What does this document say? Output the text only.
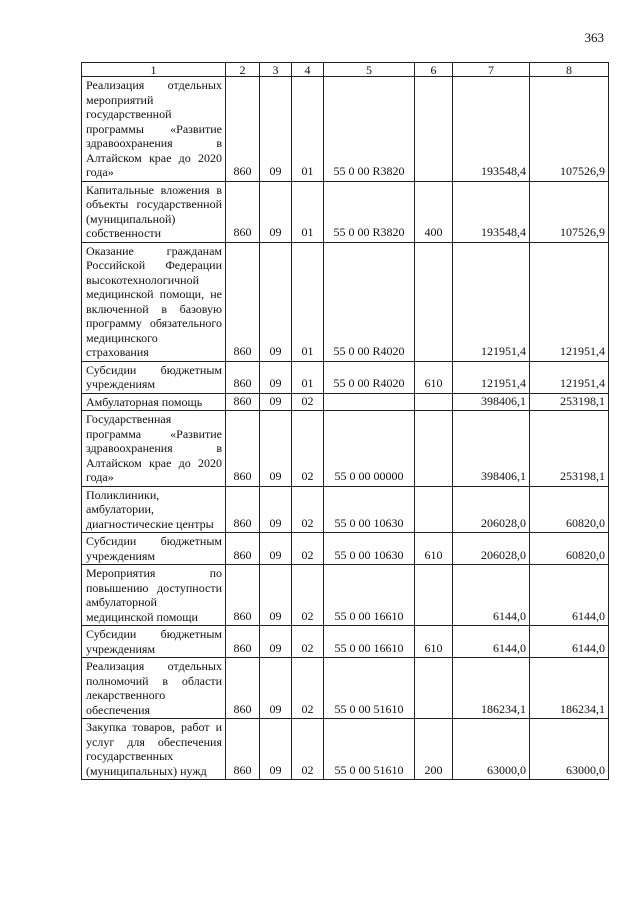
363
1	2	3	4	5	6	7	8
Реализация отдельных мероприятий государственной программы «Развитие здравоохранения в Алтайском крае до 2020 года»	860	09	01	55 0 00 R3820		193548,4	107526,9
Капитальные вложения в объекты государственной (муниципальной) собственности	860	09	01	55 0 00 R3820	400	193548,4	107526,9
Оказание гражданам Российской Федерации высокотехнологичной медицинской помощи, не включенной в базовую программу обязательного медицинского страхования	860	09	01	55 0 00 R4020		121951,4	121951,4
Субсидии бюджетным учреждениям	860	09	01	55 0 00 R4020	610	121951,4	121951,4
Амбулаторная помощь	860	09	02			398406,1	253198,1
Государственная программа «Развитие здравоохранения в Алтайском крае до 2020 года»	860	09	02	55 0 00 00000		398406,1	253198,1
Поликлиники, амбулатории, диагностические центры	860	09	02	55 0 00 10630		206028,0	60820,0
Субсидии бюджетным учреждениям	860	09	02	55 0 00 10630	610	206028,0	60820,0
Мероприятия по повышению доступности амбулаторной медицинской помощи	860	09	02	55 0 00 16610		6144,0	6144,0
Субсидии бюджетным учреждениям	860	09	02	55 0 00 16610	610	6144,0	6144,0
Реализация отдельных полномочий в области лекарственного обеспечения	860	09	02	55 0 00 51610		186234,1	186234,1
Закупка товаров, работ и услуг для обеспечения государственных (муниципальных) нужд	860	09	02	55 0 00 51610	200	63000,0	63000,0
